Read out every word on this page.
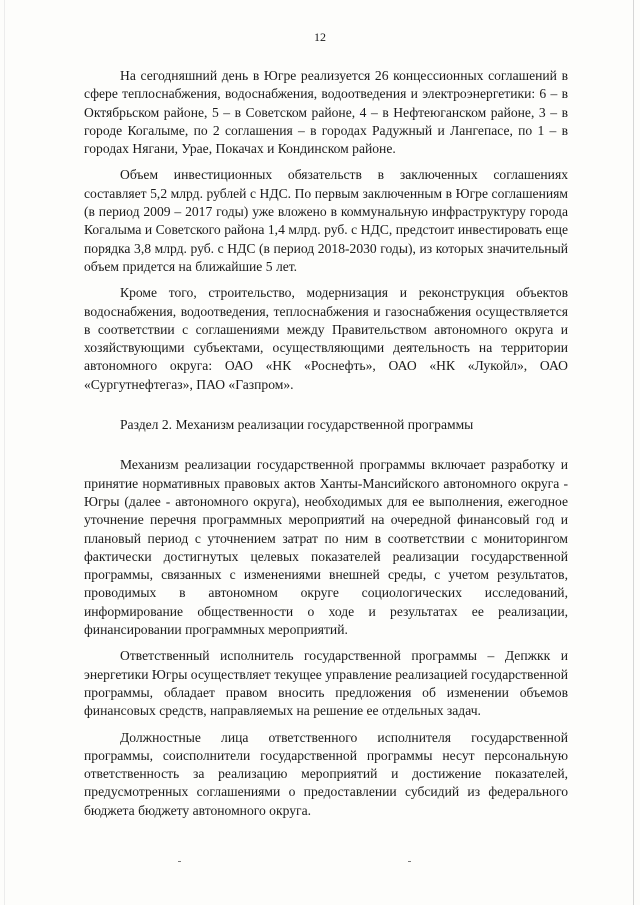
12

На сегодняшний день в Югре реализуется 26 концессионных соглашений в сфере теплоснабжения, водоснабжения, водоотведения и электроэнергетики: 6 – в Октябрьском районе, 5 – в Советском районе, 4 – в Нефтеюганском районе, 3 – в городе Когалыме, по 2 соглашения – в городах Радужный и Лангепасе, по 1 – в городах Нягани, Урае, Покачах и Кондинском районе.

Объем инвестиционных обязательств в заключенных соглашениях составляет 5,2 млрд. рублей с НДС. По первым заключенным в Югре соглашениям (в период 2009 – 2017 годы) уже вложено в коммунальную инфраструктуру города Когалыма и Советского района 1,4 млрд. руб. с НДС, предстоит инвестировать еще порядка 3,8 млрд. руб. с НДС (в период 2018-2030 годы), из которых значительный объем придется на ближайшие 5 лет.

Кроме того, строительство, модернизация и реконструкция объектов водоснабжения, водоотведения, теплоснабжения и газоснабжения осуществляется в соответствии с соглашениями между Правительством автономного округа и хозяйствующими субъектами, осуществляющими деятельность на территории автономного округа: ОАО «НК «Роснефть», ОАО «НК «Лукойл», ОАО «Сургутнефтегаз», ПАО «Газпром».

Раздел 2. Механизм реализации государственной программы

Механизм реализации государственной программы включает разработку и принятие нормативных правовых актов Ханты-Мансийского автономного округа - Югры (далее - автономного округа), необходимых для ее выполнения, ежегодное уточнение перечня программных мероприятий на очередной финансовый год и плановый период с уточнением затрат по ним в соответствии с мониторингом фактически достигнутых целевых показателей реализации государственной программы, связанных с изменениями внешней среды, с учетом результатов, проводимых в автономном округе социологических исследований, информирование общественности о ходе и результатах ее реализации, финансировании программных мероприятий.

Ответственный исполнитель государственной программы – Депжкк и энергетики Югры осуществляет текущее управление реализацией государственной программы, обладает правом вносить предложения об изменении объемов финансовых средств, направляемых на решение ее отдельных задач.

Должностные лица ответственного исполнителя государственной программы, соисполнители государственной программы несут персональную ответственность за реализацию мероприятий и достижение показателей, предусмотренных соглашениями о предоставлении субсидий из федерального бюджета бюджету автономного округа.
